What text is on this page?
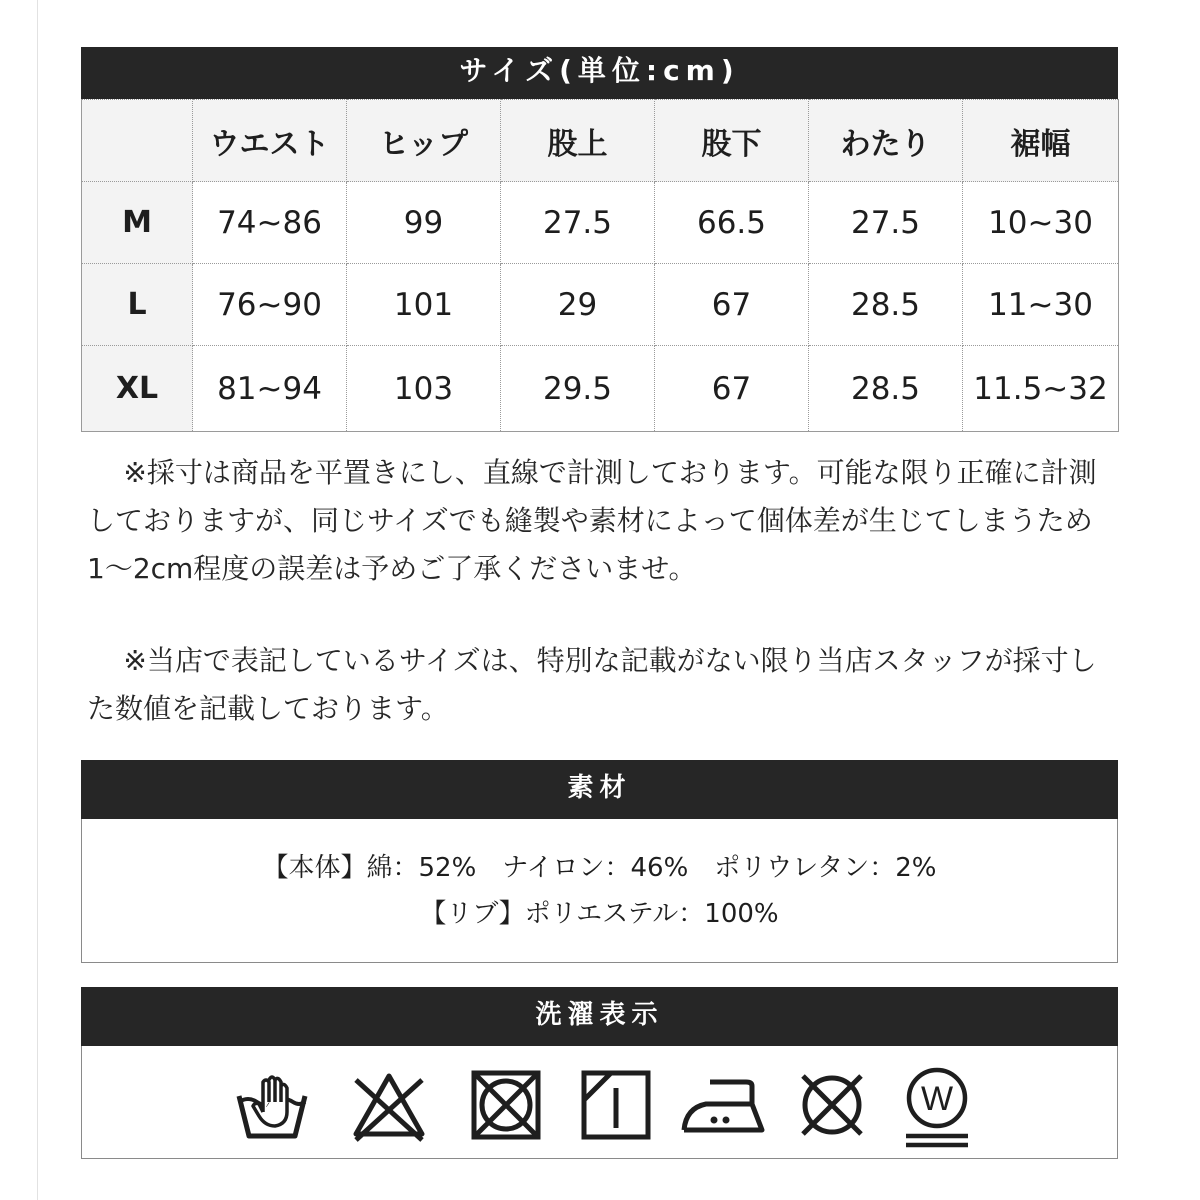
サイズ(単位:cm)
	ウエスト	ヒップ	股上	股下	わたり	裾幅
M	74~86	99	27.5	66.5	27.5	10~30
L	76~90	101	29	67	28.5	11~30
XL	81~94	103	29.5	67	28.5	11.5~32

※採寸は商品を平置きにし、直線で計測しております。可能な限り正確に計測しておりますが、同じサイズでも縫製や素材によって個体差が生じてしまうため1～2cm程度の誤差は予めご了承くださいませ。

※当店で表記しているサイズは、特別な記載がない限り当店スタッフが採寸した数値を記載しております。

素材
【本体】綿：52%　ナイロン：46%　ポリウレタン：2%
【リブ】ポリエステル：100%
洗濯表示
W
